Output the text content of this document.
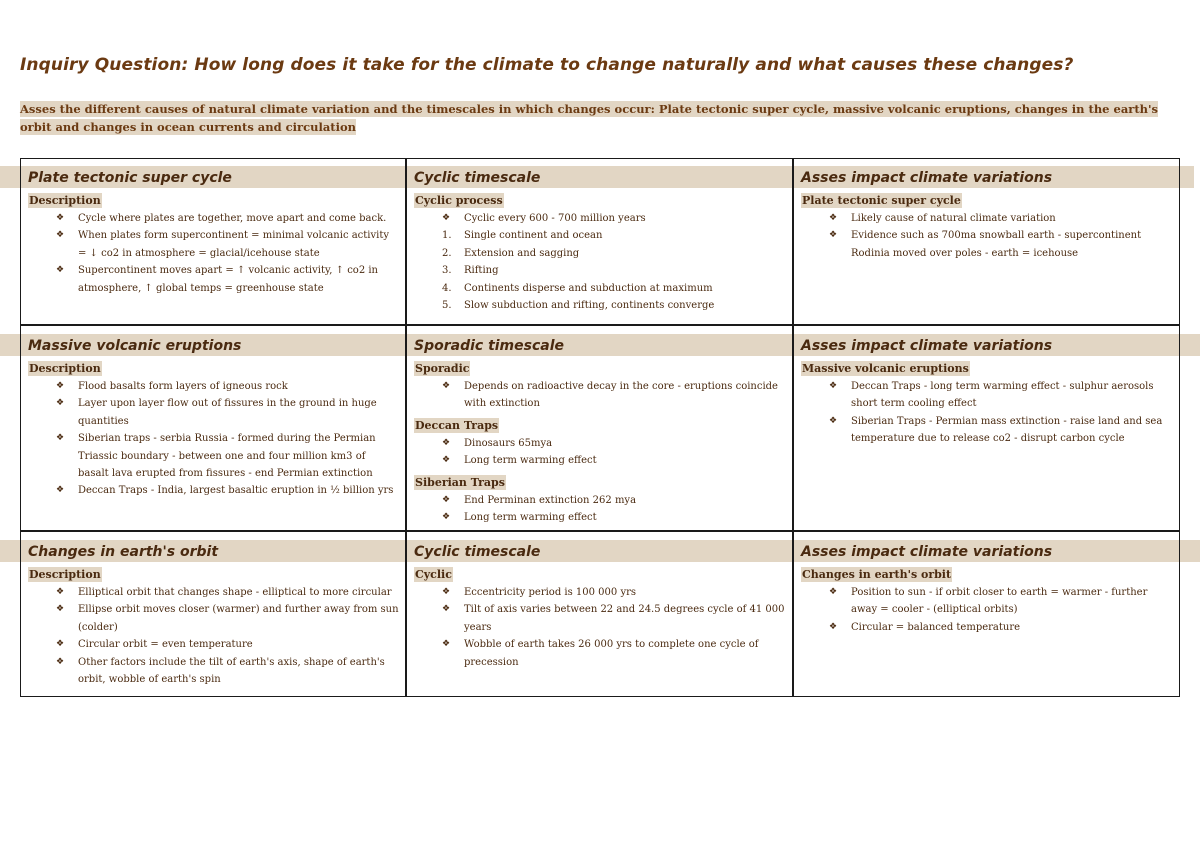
Inquiry Question: How long does it take for the climate to change naturally and what causes these changes?
Asses the different causes of natural climate variation and the timescales in which changes occur: Plate tectonic super cycle, massive volcanic eruptions, changes in the earth's orbit and changes in ocean currents and circulation
Plate tectonic super cycle
Description
❖ Cycle where plates are together, move apart and come back.
❖ When plates form supercontinent = minimal volcanic activity = ↓ co2 in atmosphere = glacial/icehouse state
❖ Supercontinent moves apart = ↑ volcanic activity, ↑ co2 in atmosphere, ↑ global temps = greenhouse state
Cyclic timescale
Cyclic process
❖ Cyclic every 600 - 700 million years
1. Single continent and ocean
2. Extension and sagging
3. Rifting
4. Continents disperse and subduction at maximum
5. Slow subduction and rifting, continents converge
Asses impact climate variations
Plate tectonic super cycle
❖ Likely cause of natural climate variation
❖ Evidence such as 700ma snowball earth - supercontinent Rodinia moved over poles - earth = icehouse
Massive volcanic eruptions
Description
❖ Flood basalts form layers of igneous rock
❖ Layer upon layer flow out of fissures in the ground in huge quantities
❖ Siberian traps - serbia Russia - formed during the Permian Triassic boundary - between one and four million km3 of basalt lava erupted from fissures - end Permian extinction
❖ Deccan Traps - India, largest basaltic eruption in ½ billion yrs
Sporadic timescale
Sporadic
❖ Depends on radioactive decay in the core - eruptions coincide with extinction
Deccan Traps
❖ Dinosaurs 65mya
❖ Long term warming effect
Siberian Traps
❖ End Perminan extinction 262 mya
❖ Long term warming effect
Asses impact climate variations
Massive volcanic eruptions
❖ Deccan Traps - long term warming effect - sulphur aerosols short term cooling effect
❖ Siberian Traps - Permian mass extinction - raise land and sea temperature due to release co2 - disrupt carbon cycle
Changes in earth's orbit
Description
❖ Elliptical orbit that changes shape - elliptical to more circular
❖ Ellipse orbit moves closer (warmer) and further away from sun (colder)
❖ Circular orbit = even temperature
❖ Other factors include the tilt of earth's axis, shape of earth's orbit, wobble of earth's spin
Cyclic timescale
Cyclic
❖ Eccentricity period is 100 000 yrs
❖ Tilt of axis varies between 22 and 24.5 degrees cycle of 41 000 years
❖ Wobble of earth takes 26 000 yrs to complete one cycle of precession
Asses impact climate variations
Changes in earth's orbit
❖ Position to sun - if orbit closer to earth = warmer - further away = cooler - (elliptical orbits)
❖ Circular = balanced temperature
